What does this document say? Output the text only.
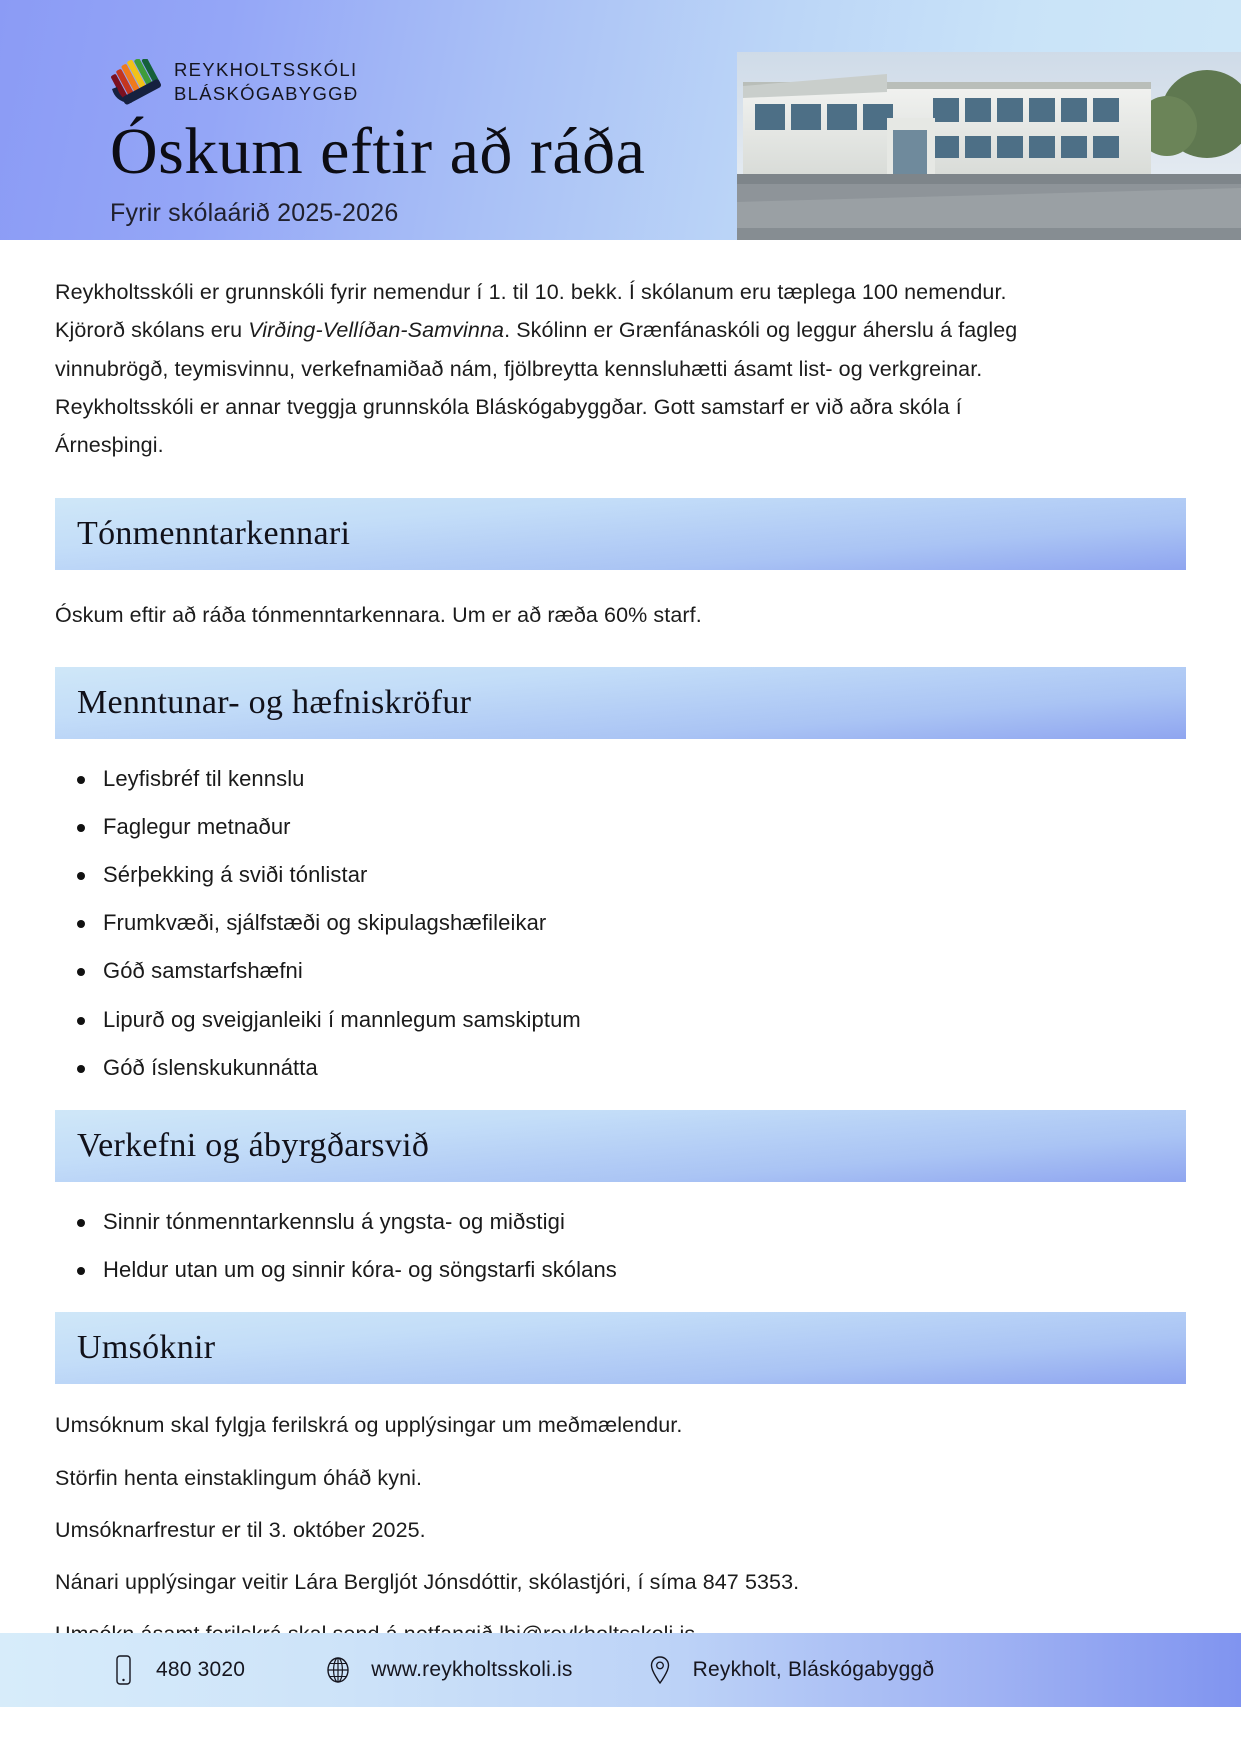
REYKHOLTSSKÓLI
BLÁSKÓGABYGGÐ
Óskum eftir að ráða
Fyrir skólaárið 2025-2026

Reykholtsskóli er grunnskóli fyrir nemendur í 1. til 10. bekk. Í skólanum eru tæplega 100 nemendur. Kjörorð skólans eru Virðing-Vellíðan-Samvinna. Skólinn er Grænfánaskóli og leggur áherslu á fagleg vinnubrögð, teymisvinnu, verkefnamiðað nám, fjölbreytta kennsluhætti ásamt list- og verkgreinar. Reykholtsskóli er annar tveggja grunnskóla Bláskógabyggðar. Gott samstarf er við aðra skóla í Árnesþingi.

Tónmenntarkennari

Óskum eftir að ráða tónmenntarkennara. Um er að ræða 60% starf.

Menntunar- og hæfniskröfur
Leyfisbréf til kennslu
Faglegur metnaður
Sérþekking á sviði tónlistar
Frumkvæði, sjálfstæði og skipulagshæfileikar
Góð samstarfshæfni
Lipurð og sveigjanleiki í mannlegum samskiptum
Góð íslenskukunnátta
Verkefni og ábyrgðarsvið
Sinnir tónmenntarkennslu á yngsta- og miðstigi
Heldur utan um og sinnir kóra- og söngstarfi skólans
Umsóknir

Umsóknum skal fylgja ferilskrá og upplýsingar um meðmælendur.

Störfin henta einstaklingum óháð kyni.

Umsóknarfrestur er til 3. október 2025.

Nánari upplýsingar veitir Lára Bergljót Jónsdóttir, skólastjóri, í síma 847 5353.

480 3020	www.reykholtsskoli.is	Reykholt, Bláskógabyggð
